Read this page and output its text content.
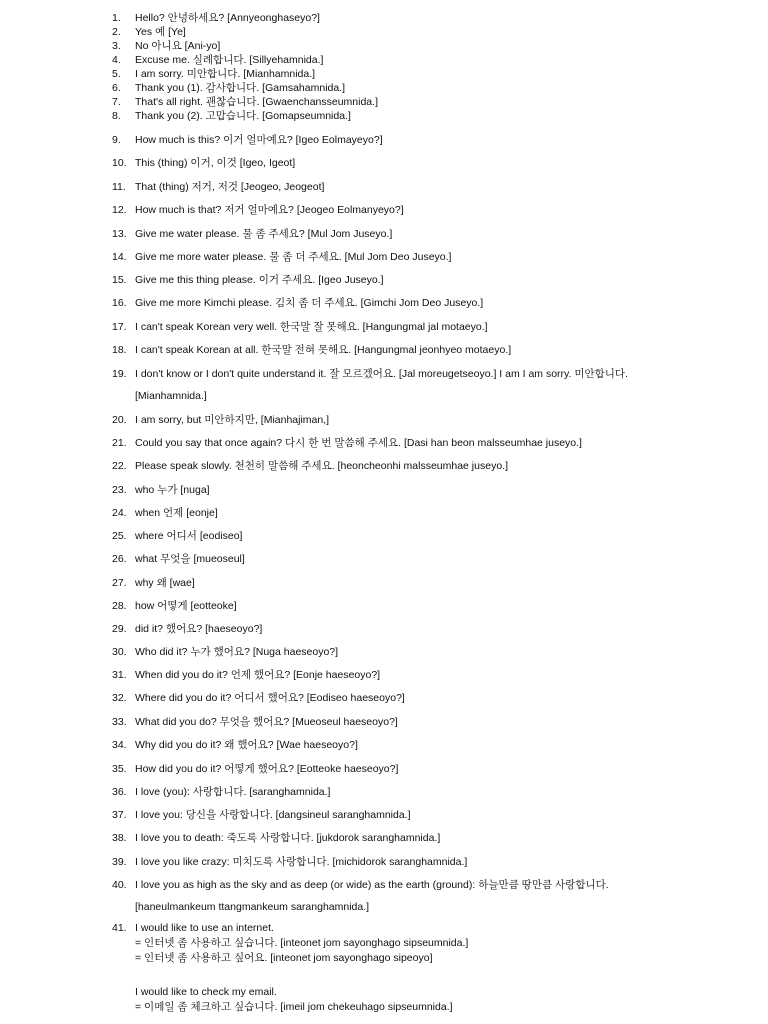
1. Hello? 안녕하세요? [Annyeonghaseyo?]
2. Yes 예 [Ye]
3. No 아니요 [Ani-yo]
4. Excuse me. 실례합니다. [Sillyehamnida.]
5. I am sorry. 미안합니다. [Mianhamnida.]
6. Thank you (1). 감사합니다. [Gamsahamnida.]
7. That's all right. 괜찮습니다. [Gwaenchansseumnida.]
8. Thank you (2). 고맙습니다. [Gomapseumnida.]
9. How much is this? 이거 얼마예요? [Igeo Eolmayeyo?]
10. This (thing) 이거, 이것 [Igeo, Igeot]
11. That (thing) 저거, 저것 [Jeogeo, Jeogeot]
12. How much is that? 저거 얼마예요? [Jeogeo Eolmanyeyo?]
13. Give me water please. 물 좀 주세요? [Mul Jom Juseyo.]
14. Give me more water please. 물 좀 더 주세요. [Mul Jom Deo Juseyo.]
15. Give me this thing please. 이거 주세요. [Igeo Juseyo.]
16. Give me more Kimchi please. 김치 좀 더 주세요. [Gimchi Jom Deo Juseyo.]
17. I can't speak Korean very well. 한국말 잘 못해요. [Hangungmal jal motaeyo.]
18. I can't speak Korean at all. 한국말 전혀 못해요. [Hangungmal jeonhyeo motaeyo.]
19. I don't know or I don't quite understand it. 잘 모르겠어요. [Jal moreugetseoyo.] I am I am sorry. 미안합니다.
[Mianhamnida.]
20. I am sorry, but 미안하지만, [Mianhajiman,]
21. Could you say that once again? 다시 한 번 말씀해 주세요. [Dasi han beon malsseumhae juseyo.]
22. Please speak slowly. 천천히 말씀해 주세요. [heoncheonhi malsseumhae juseyo.]
23. who 누가 [nuga]
24. when 언제 [eonje]
25. where 어디서 [eodiseo]
26. what 무엇을 [mueoseul]
27. why 왜 [wae]
28. how 어떻게 [eotteoke]
29. did it? 했어요? [haeseoyo?]
30. Who did it? 누가 했어요? [Nuga haeseoyo?]
31. When did you do it? 언제 했어요? [Eonje haeseoyo?]
32. Where did you do it? 어디서 했어요? [Eodiseo haeseoyo?]
33. What did you do? 무엇을 했어요? [Mueoseul haeseoyo?]
34. Why did you do it? 왜 했어요? [Wae haeseoyo?]
35. How did you do it? 어떻게 했어요? [Eotteoke haeseoyo?]
36. I love (you): 사랑합니다. [saranghamnida.]
37. I love you: 당신을 사랑합니다. [dangsineul saranghamnida.]
38. I love you to death: 죽도록 사랑합니다. [jukdorok saranghamnida.]
39. I love you like crazy: 미치도록 사랑합니다. [michidorok saranghamnida.]
40. I love you as high as the sky and as deep (or wide) as the earth (ground): 하늘만큼 땅만큼 사랑합니다.
[haneulmankeum ttangmankeum saranghamnida.]
41. I would like to use an internet.
= 인터넷 좀 사용하고 싶습니다. [inteonet jom sayonghago sipseumnida.]
= 인터넷 좀 사용하고 싶어요. [inteonet jom sayonghago sipeoyo]
I would like to check my email.
= 이메일 좀 체크하고 싶습니다. [imeil jom chekeuhago sipseumnida.]
